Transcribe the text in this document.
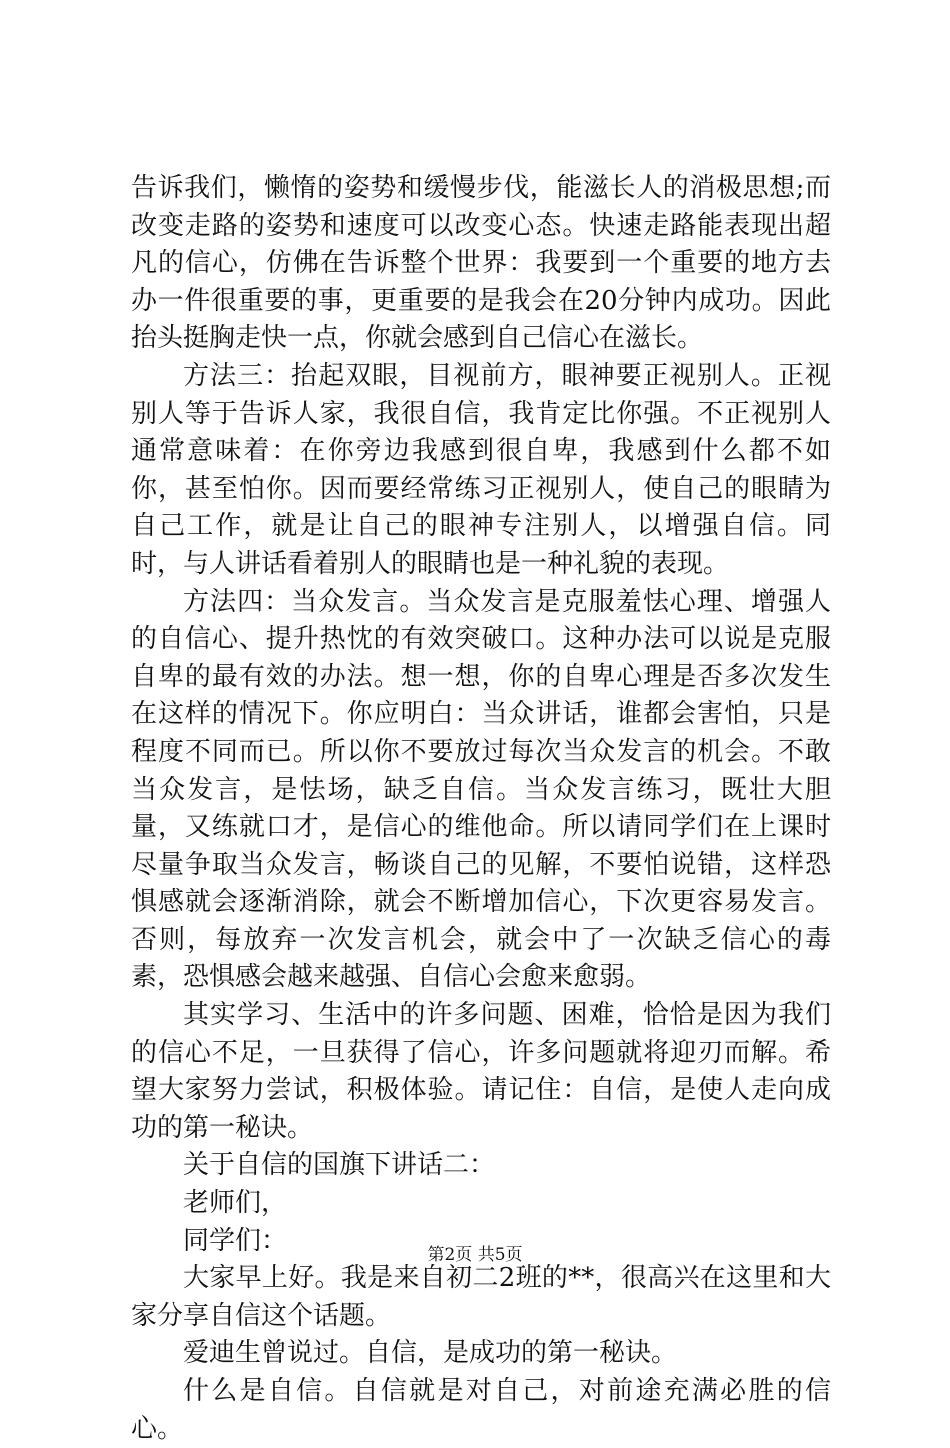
告诉我们，懒惰的姿势和缓慢步伐，能滋长人的消极思想;而改变走路的姿势和速度可以改变心态。快速走路能表现出超凡的信心，仿佛在告诉整个世界：我要到一个重要的地方去办一件很重要的事，更重要的是我会在20分钟内成功。因此抬头挺胸走快一点，你就会感到自己信心在滋长。

方法三：抬起双眼，目视前方，眼神要正视别人。正视别人等于告诉人家，我很自信，我肯定比你强。不正视别人通常意味着：在你旁边我感到很自卑，我感到什么都不如你，甚至怕你。因而要经常练习正视别人，使自己的眼睛为自己工作，就是让自己的眼神专注别人，以增强自信。同时，与人讲话看着别人的眼睛也是一种礼貌的表现。

方法四：当众发言。当众发言是克服羞怯心理、增强人的自信心、提升热忱的有效突破口。这种办法可以说是克服自卑的最有效的办法。想一想，你的自卑心理是否多次发生在这样的情况下。你应明白：当众讲话，谁都会害怕，只是程度不同而已。所以你不要放过每次当众发言的机会。不敢当众发言，是怯场，缺乏自信。当众发言练习，既壮大胆量，又练就口才，是信心的维他命。所以请同学们在上课时尽量争取当众发言，畅谈自己的见解，不要怕说错，这样恐惧感就会逐渐消除，就会不断增加信心，下次更容易发言。否则，每放弃一次发言机会，就会中了一次缺乏信心的毒素，恐惧感会越来越强、自信心会愈来愈弱。

其实学习、生活中的许多问题、困难，恰恰是因为我们的信心不足，一旦获得了信心，许多问题就将迎刃而解。希望大家努力尝试，积极体验。请记住：自信，是使人走向成功的第一秘诀。

关于自信的国旗下讲话二：

老师们，

同学们：

大家早上好。我是来自初二2班的**，很高兴在这里和大家分享自信这个话题。

爱迪生曾说过。自信，是成功的第一秘诀。

什么是自信。自信就是对自己，对前途充满必胜的信心。

第2页 共5页
